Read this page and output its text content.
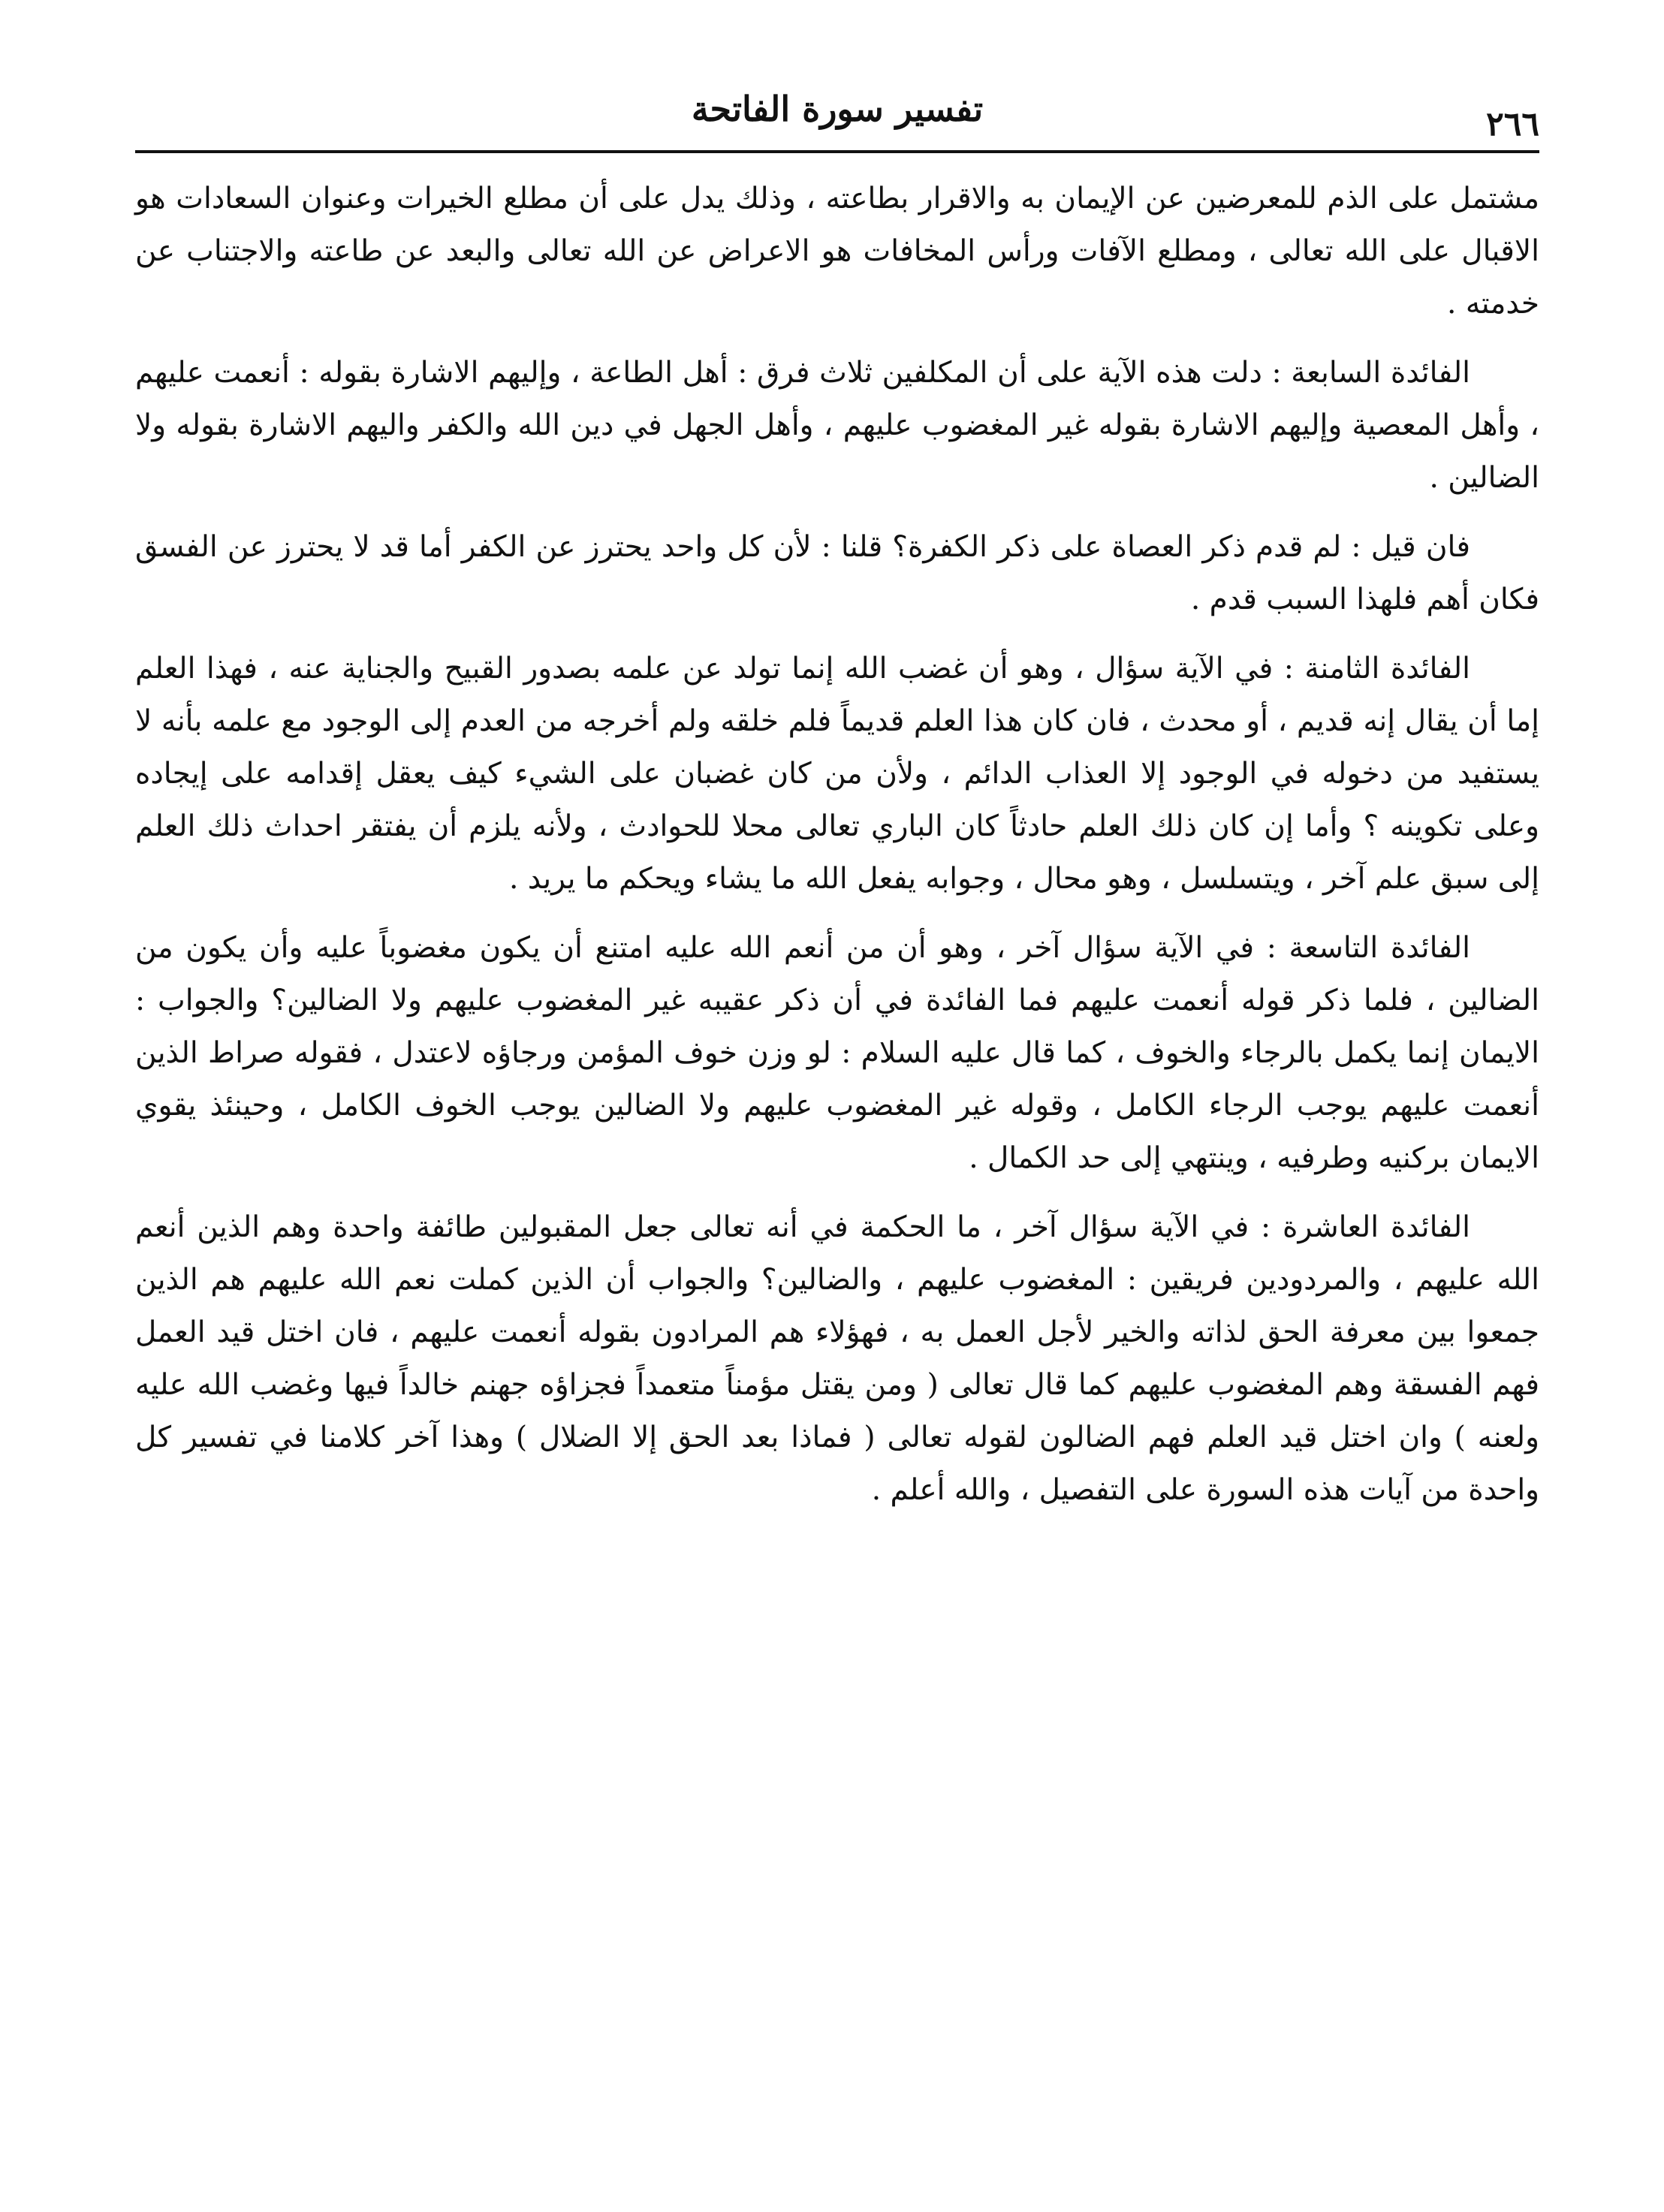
تفسير سورة الفاتحة	٢٦٦

مشتمل على الذم للمعرضين عن الإيمان به والاقرار بطاعته ، وذلك يدل على أن مطلع الخيرات وعنوان السعادات هو الاقبال على الله تعالى ، ومطلع الآفات ورأس المخافات هو الاعراض عن الله تعالى والبعد عن طاعته والاجتناب عن خدمته .

الفائدة السابعة : دلت هذه الآية على أن المكلفين ثلاث فرق : أهل الطاعة ، وإليهم الاشارة بقوله : أنعمت عليهم ، وأهل المعصية وإليهم الاشارة بقوله غير المغضوب عليهم ، وأهل الجهل في دين الله والكفر واليهم الاشارة بقوله ولا الضالين .

فان قيل : لم قدم ذكر العصاة على ذكر الكفرة؟ قلنا : لأن كل واحد يحترز عن الكفر أما قد لا يحترز عن الفسق فكان أهم فلهذا السبب قدم .

الفائدة الثامنة : في الآية سؤال ، وهو أن غضب الله إنما تولد عن علمه بصدور القبيح والجناية عنه ، فهذا العلم إما أن يقال إنه قديم ، أو محدث ، فان كان هذا العلم قديماً فلم خلقه ولم أخرجه من العدم إلى الوجود مع علمه بأنه لا يستفيد من دخوله في الوجود إلا العذاب الدائم ، ولأن من كان غضبان على الشيء كيف يعقل إقدامه على إيجاده وعلى تكوينه ؟ وأما إن كان ذلك العلم حادثاً كان الباري تعالى محلا للحوادث ، ولأنه يلزم أن يفتقر احداث ذلك العلم إلى سبق علم آخر ، ويتسلسل ، وهو محال ، وجوابه يفعل الله ما يشاء ويحكم ما يريد .

الفائدة التاسعة : في الآية سؤال آخر ، وهو أن من أنعم الله عليه امتنع أن يكون مغضوباً عليه وأن يكون من الضالين ، فلما ذكر قوله أنعمت عليهم فما الفائدة في أن ذكر عقيبه غير المغضوب عليهم ولا الضالين؟ والجواب : الايمان إنما يكمل بالرجاء والخوف ، كما قال عليه السلام : لو وزن خوف المؤمن ورجاؤه لاعتدل ، فقوله صراط الذين أنعمت عليهم يوجب الرجاء الكامل ، وقوله غير المغضوب عليهم ولا الضالين يوجب الخوف الكامل ، وحينئذ يقوي الايمان بركنيه وطرفيه ، وينتهي إلى حد الكمال .

الفائدة العاشرة : في الآية سؤال آخر ، ما الحكمة في أنه تعالى جعل المقبولين طائفة واحدة وهم الذين أنعم الله عليهم ، والمردودين فريقين : المغضوب عليهم ، والضالين؟ والجواب أن الذين كملت نعم الله عليهم هم الذين جمعوا بين معرفة الحق لذاته والخير لأجل العمل به ، فهؤلاء هم المرادون بقوله أنعمت عليهم ، فان اختل قيد العمل فهم الفسقة وهم المغضوب عليهم كما قال تعالى ( ومن يقتل مؤمناً متعمداً فجزاؤه جهنم خالداً فيها وغضب الله عليه ولعنه ) وان اختل قيد العلم فهم الضالون لقوله تعالى ( فماذا بعد الحق إلا الضلال ) وهذا آخر كلامنا في تفسير كل واحدة من آيات هذه السورة على التفصيل ، والله أعلم .
